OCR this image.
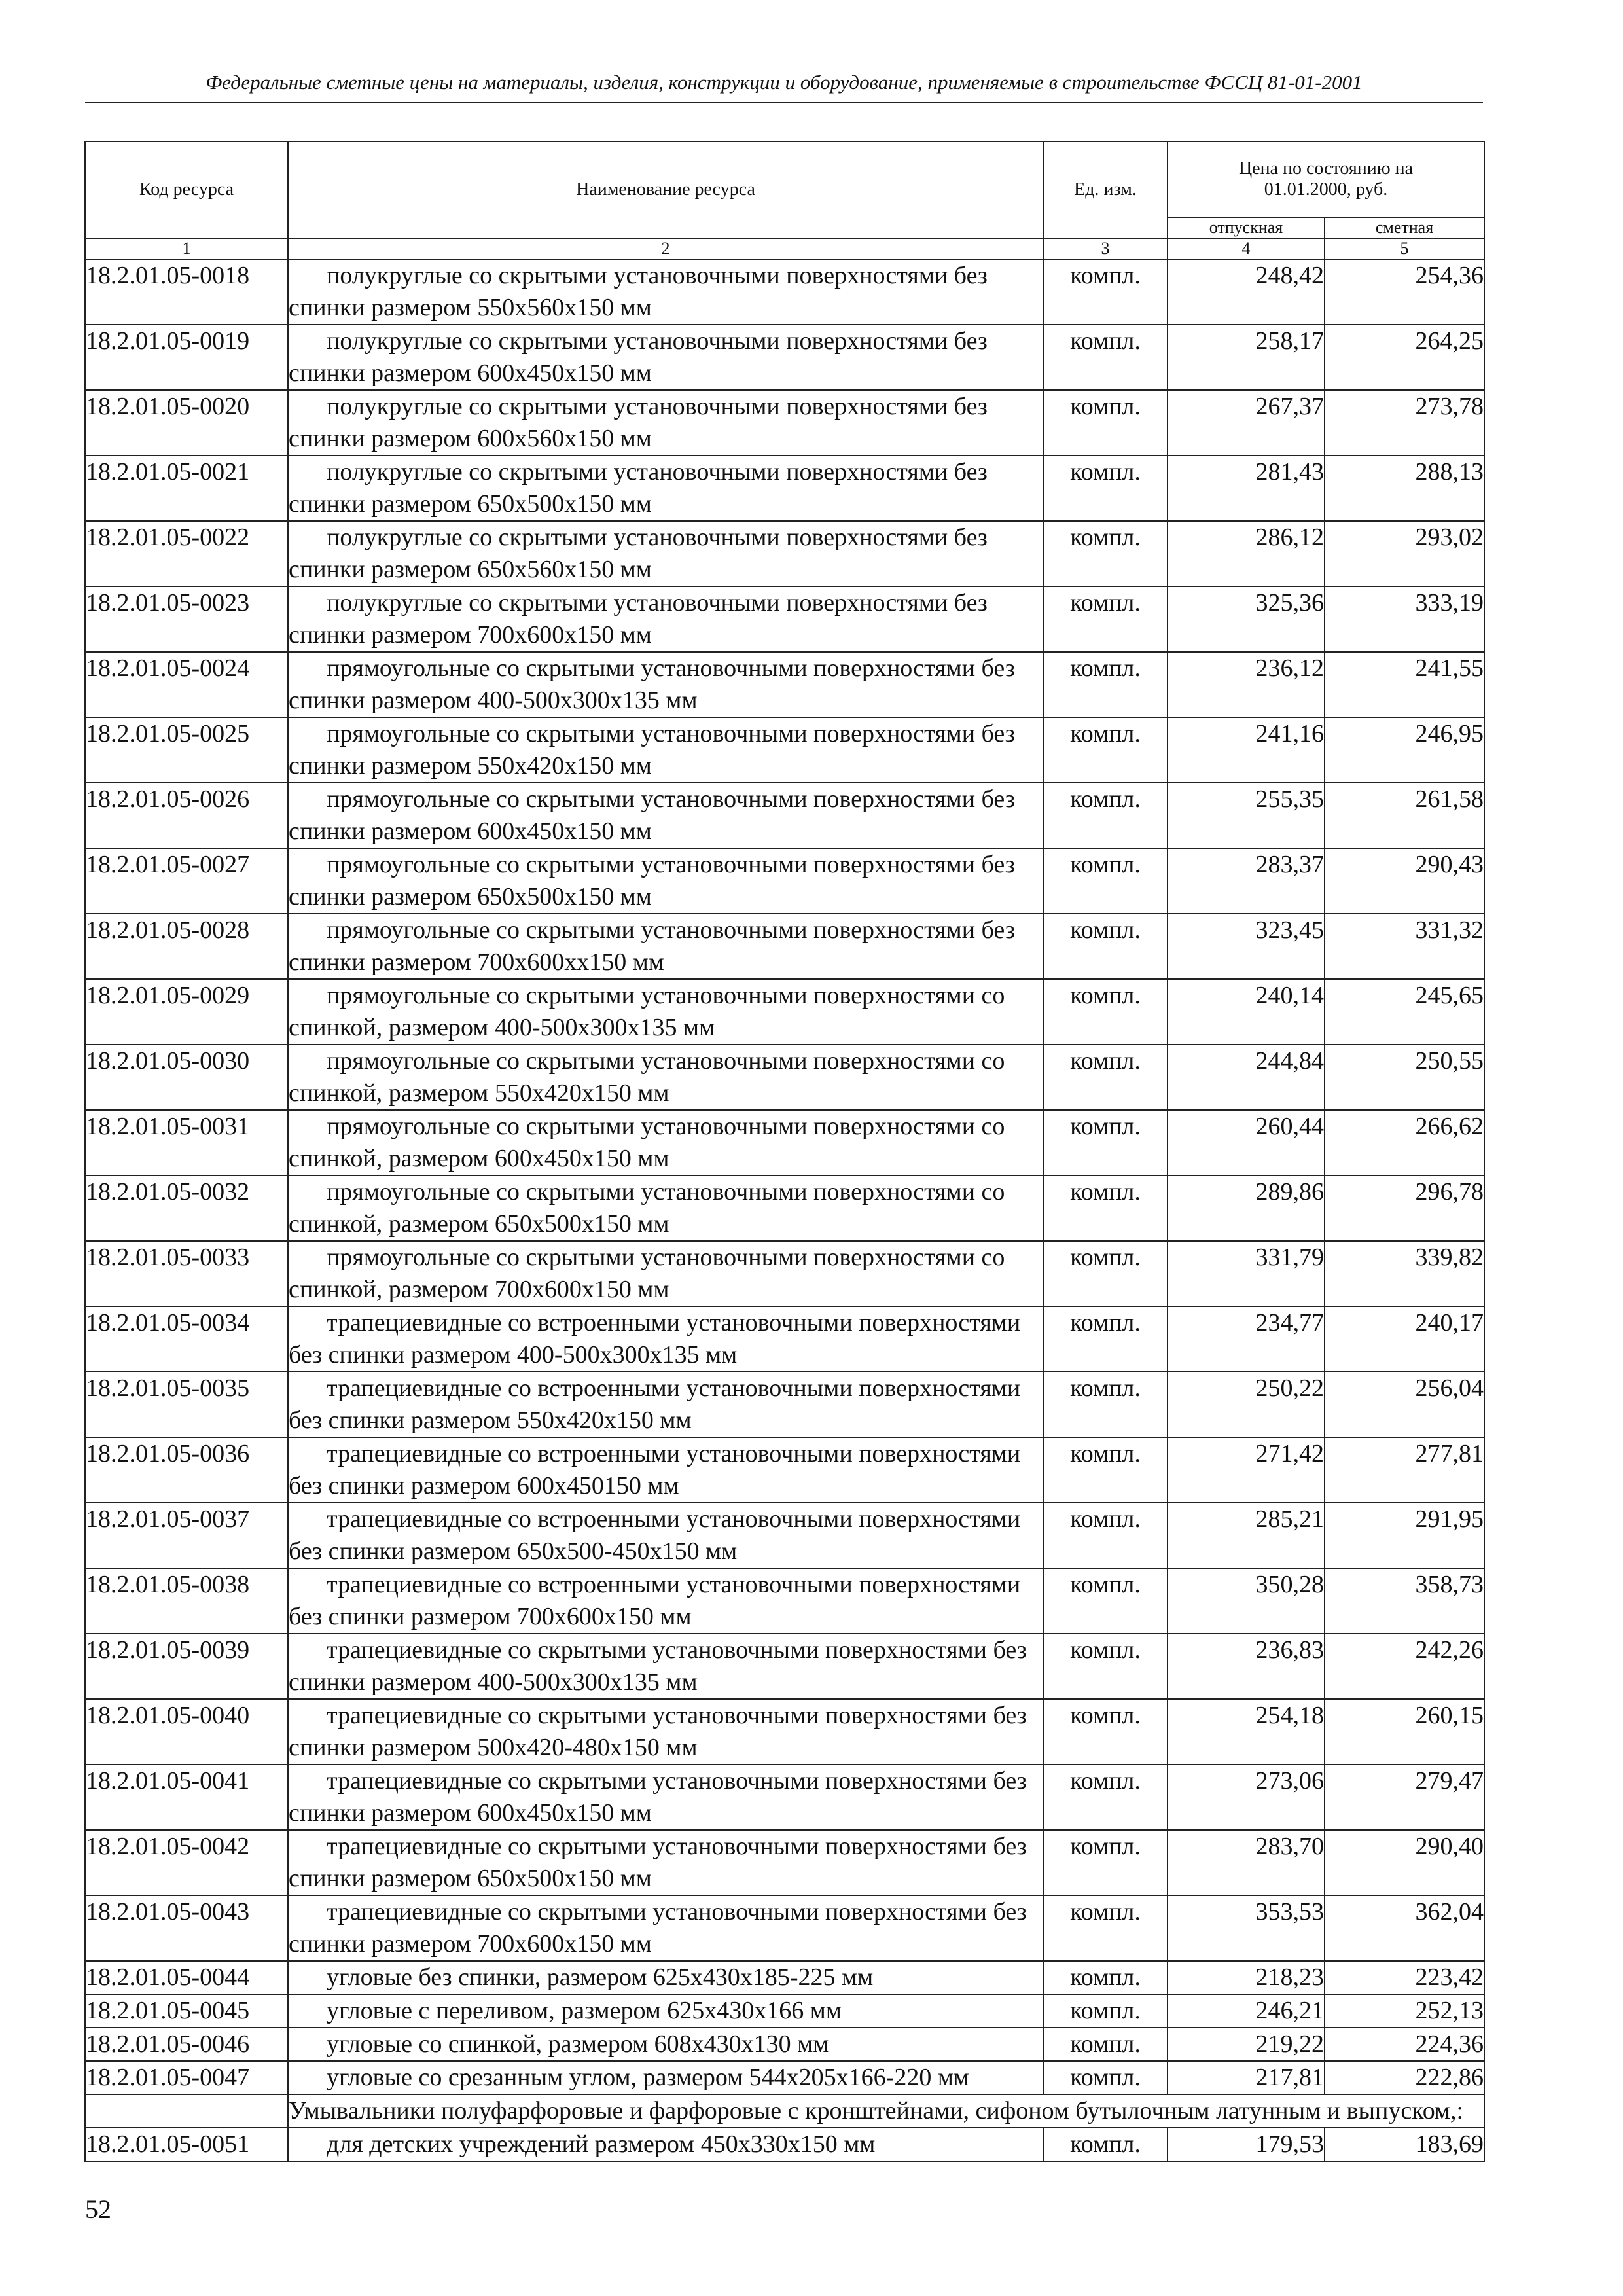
Федеральные сметные цены на материалы, изделия, конструкции и оборудование, применяемые в строительстве ФССЦ 81-01-2001
Код ресурса	Наименование ресурса	Ед. изм.	Цена по состоянию на 01.01.2000, руб.	
			отпускная	сметная
1	2	3	4	5
18.2.01.05-0018	полукруглые со скрытыми установочными поверхностями без спинки размером 550х560х150 мм	компл.	248,42	254,36
18.2.01.05-0019	полукруглые со скрытыми установочными поверхностями без спинки размером 600х450х150 мм	компл.	258,17	264,25
18.2.01.05-0020	полукруглые со скрытыми установочными поверхностями без спинки размером 600х560х150 мм	компл.	267,37	273,78
18.2.01.05-0021	полукруглые со скрытыми установочными поверхностями без спинки размером 650х500х150 мм	компл.	281,43	288,13
18.2.01.05-0022	полукруглые со скрытыми установочными поверхностями без спинки размером 650х560х150 мм	компл.	286,12	293,02
18.2.01.05-0023	полукруглые со скрытыми установочными поверхностями без спинки размером 700х600х150 мм	компл.	325,36	333,19
18.2.01.05-0024	прямоугольные со скрытыми установочными поверхностями без спинки размером 400-500х300х135 мм	компл.	236,12	241,55
18.2.01.05-0025	прямоугольные со скрытыми установочными поверхностями без спинки размером 550х420х150 мм	компл.	241,16	246,95
18.2.01.05-0026	прямоугольные со скрытыми установочными поверхностями без спинки размером 600х450х150 мм	компл.	255,35	261,58
18.2.01.05-0027	прямоугольные со скрытыми установочными поверхностями без спинки размером 650х500х150 мм	компл.	283,37	290,43
18.2.01.05-0028	прямоугольные со скрытыми установочными поверхностями без спинки размером 700х600хх150 мм	компл.	323,45	331,32
18.2.01.05-0029	прямоугольные со скрытыми установочными поверхностями со спинкой, размером 400-500х300х135 мм	компл.	240,14	245,65
18.2.01.05-0030	прямоугольные со скрытыми установочными поверхностями со спинкой, размером 550х420х150 мм	компл.	244,84	250,55
18.2.01.05-0031	прямоугольные со скрытыми установочными поверхностями со спинкой, размером 600х450х150 мм	компл.	260,44	266,62
18.2.01.05-0032	прямоугольные со скрытыми установочными поверхностями со спинкой, размером 650х500х150 мм	компл.	289,86	296,78
18.2.01.05-0033	прямоугольные со скрытыми установочными поверхностями со спинкой, размером 700х600х150 мм	компл.	331,79	339,82
18.2.01.05-0034	трапециевидные со встроенными установочными поверхностями без спинки размером 400-500х300х135 мм	компл.	234,77	240,17
18.2.01.05-0035	трапециевидные со встроенными установочными поверхностями без спинки размером 550х420х150 мм	компл.	250,22	256,04
18.2.01.05-0036	трапециевидные со встроенными установочными поверхностями без спинки размером 600х450150 мм	компл.	271,42	277,81
18.2.01.05-0037	трапециевидные со встроенными установочными поверхностями без спинки размером 650х500-450х150 мм	компл.	285,21	291,95
18.2.01.05-0038	трапециевидные со встроенными установочными поверхностями без спинки размером 700х600х150 мм	компл.	350,28	358,73
18.2.01.05-0039	трапециевидные со скрытыми установочными поверхностями без спинки размером 400-500х300х135 мм	компл.	236,83	242,26
18.2.01.05-0040	трапециевидные со скрытыми установочными поверхностями без спинки размером 500х420-480х150 мм	компл.	254,18	260,15
18.2.01.05-0041	трапециевидные со скрытыми установочными поверхностями без спинки размером 600х450х150 мм	компл.	273,06	279,47
18.2.01.05-0042	трапециевидные со скрытыми установочными поверхностями без спинки размером 650х500х150 мм	компл.	283,70	290,40
18.2.01.05-0043	трапециевидные со скрытыми установочными поверхностями без спинки размером 700х600х150 мм	компл.	353,53	362,04
18.2.01.05-0044	угловые без спинки, размером 625х430х185-225 мм	компл.	218,23	223,42
18.2.01.05-0045	угловые с переливом, размером 625х430х166 мм	компл.	246,21	252,13
18.2.01.05-0046	угловые со спинкой, размером 608х430х130 мм	компл.	219,22	224,36
18.2.01.05-0047	угловые со срезанным углом, размером 544х205х166-220 мм	компл.	217,81	222,86
	Умывальники полуфарфоровые и фарфоровые с кронштейнами, сифоном бутылочным латунным и выпуском,:			
18.2.01.05-0051	для детских учреждений размером 450х330х150 мм	компл.	179,53	183,69
52
